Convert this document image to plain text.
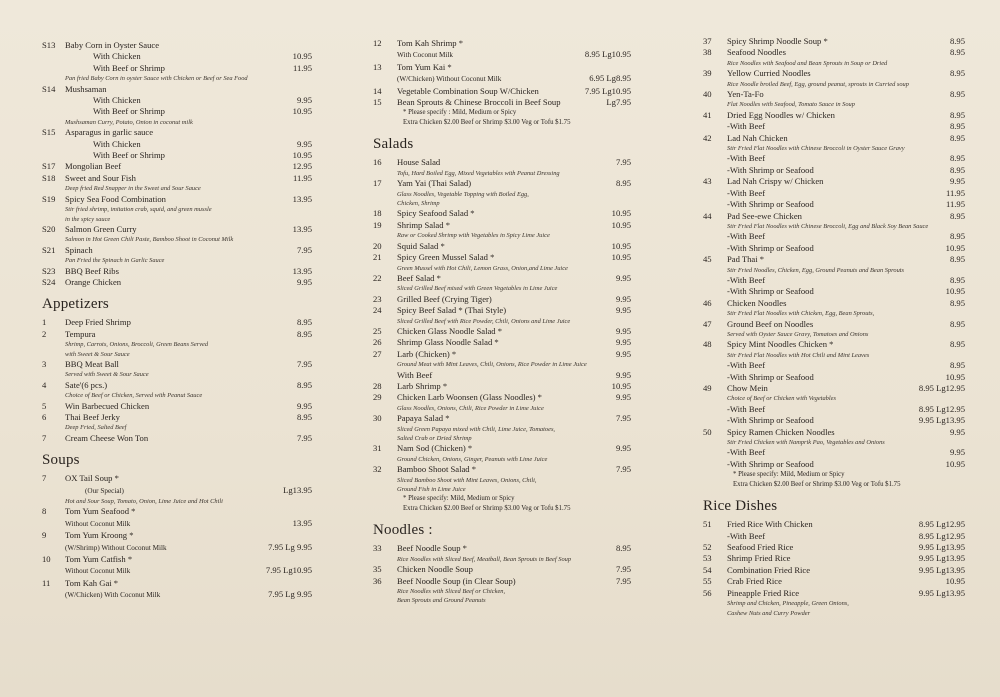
S13	Baby Corn in Oyster Sauce
With Chicken	10.95
With Beef or Shrimp	11.95
Pan fried Baby Corn in oyster Sauce with Chicken or Beef or Sea Food
S14	Mushsaman
With Chicken	9.95
With Beef or Shrimp	10.95
Mushsaman Curry, Potato, Onion in coconut milk
S15	Asparagus in garlic sauce
With Chicken	9.95
With Beef or Shrimp	10.95
S17	Mongolian Beef	12.95
S18	Sweet and Sour Fish	11.95
Deep fried Red Snapper in the Sweet and Sour Sauce
S19	Spicy Sea Food Combination	13.95
Stir fried shrimp, imitation crab, squid, and green mussle
in the spicy sauce
S20	Salmon Green Curry	13.95
Salmon in Hot Green Chili Paste, Bamboo Shoot in Coconut Milk
S21	Spinach	7.95
Pan Fried the Spinach in Garlic Sauce
S23	BBQ Beef Ribs	13.95
S24	Orange Chicken	9.95
Appetizers
1	Deep Fried Shrimp	8.95
2	Tempura	8.95
Shrimp, Carrots, Onions, Broccoli, Green Beans Served
with Sweet & Sour Sauce
3	BBQ Meat Ball	7.95
Served with Sweet & Sour Sauce
4	Sate'(6 pcs.)	8.95
Choice of Beef or Chicken, Served with Peanut Sauce
5	Win Barbecued Chicken	9.95
6	Thai Beef Jerky	8.95
Deep Fried, Salted Beef
7	Cream Cheese Won Ton	7.95
Soups
7	OX Tail Soup *
(Our Special)	Lg13.95
Hot and Sour Soup, Tomato, Onion, Lime Juice and Hot Chili
8	Tom Yum Seafood *
Without Coconut Milk	13.95
9	Tom Yum Kroong *
(W/Shrimp) Without Coconut Milk	7.95 Lg 9.95
10	Tom Yum Catfish *
Without Coconut Milk	7.95 Lg10.95
11	Tom Kah Gai *
(W/Chicken) With Coconut Milk	7.95 Lg 9.95
12	Tom Kah Shrimp *
With Coconut Milk	8.95 Lg10.95
13	Tom Yum Kai *
(W/Chicken) Without Coconut Milk	6.95 Lg8.95
14	Vegetable Combination Soup W/Chicken	7.95 Lg10.95
15	Bean Sprouts & Chinese Broccoli in Beef Soup	Lg7.95
* Please specify : Mild, Medium or Spicy
Extra Chicken $2.00 Beef or Shrimp $3.00 Veg or Tofu $1.75
Salads
16	House Salad	7.95
Tofu, Hard Boiled Egg, Mixed Vegetables with Peanut Dressing
17	Yam Yai (Thai Salad)	8.95
Glass Noodles, Vegetable Topping with Boiled Egg,
Chicken, Shrimp
18	Spicy Seafood Salad *	10.95
19	Shrimp Salad *	10.95
Raw or Cooked Shrimp with Vegetables in Spicy Lime Juice
20	Squid Salad *	10.95
21	Spicy Green Mussel Salad *	10.95
Green Mussel with Hot Chili, Lemon Grass, Onion,and Lime Juice
22	Beef Salad *	9.95
Sliced Grilled Beef mixed with Green Vegetables in Lime Juice
23	Grilled Beef (Crying Tiger)	9.95
24	Spicy Beef Salad * (Thai Style)	9.95
Sliced Grilled Beef with Rice Powder, Chili, Onions and Lime Juice
25	Chicken Glass Noodle Salad *	9.95
26	Shrimp Glass Noodle Salad *	9.95
27	Larb (Chicken) *	9.95
Ground Meat with Mint Leaves, Chili, Onions, Rice Powder in Lime Juice
With Beef	9.95
28	Larb Shrimp *	10.95
29	Chicken Larb Woonsen (Glass Noodles) *	9.95
Glass Noodles, Onions, Chili, Rice Powder in Lime Juice
30	Papaya Salad *	7.95
Sliced Green Papaya mixed with Chili, Lime Juice, Tomatoes,
Salted Crab or Dried Shrimp
31	Nam Sod (Chicken) *	9.95
Ground Chicken, Onions, Ginger, Peanuts with Lime Juice
32	Bamboo Shoot Salad *	7.95
Sliced Bamboo Shoot with Mint Leaves, Onions, Chili,
Ground Fish in Lime Juice
* Please specify: Mild, Medium or Spicy
Extra Chicken $2.00 Beef or Shrimp $3.00 Veg or Tofu $1.75
Noodles :
33	Beef Noodle Soup *	8.95
Rice Noodles with Sliced Beef, Meatball, Bean Sprouts in Beef Soup
35	Chicken Noodle Soup	7.95
36	Beef Noodle Soup (in Clear Soup)	7.95
Rice Noodles with Sliced Beef or Chicken,
Bean Sprouts and Ground Peanuts
37	Spicy Shrimp Noodle Soup *	8.95
38	Seafood Noodles	8.95
Rice Noodles with Seafood and Bean Sprouts in Soup or Dried
39	Yellow Curried Noodles	8.95
Rice Noodle broiled Beef, Egg, ground peanut, sprouts in Curried soup
40	Yen-Ta-Fo	8.95
Flat Noodles with Seafood, Tomato Sauce in Soup
41	Dried Egg Noodles w/ Chicken	8.95
-With Beef	8.95
42	Lad Nah Chicken	8.95
Stir Fried Flat Noodles with Chinese Broccoli in Oyster Sauce Gravy
-With Beef	8.95
-With Shrimp or Seafood	8.95
43	Lad Nah Crispy w/ Chicken	9.95
-With Beef	11.95
-With Shrimp or Seafood	11.95
44	Pad See-ewe Chicken	8.95
Stir Fried Flat Noodles with Chinese Broccoli, Egg and Black Soy Bean Sauce
-With Beef	8.95
-With Shrimp or Seafood	10.95
45	Pad Thai *	8.95
Stir Fried Noodles, Chicken, Egg, Ground Peanuts and Bean Sprouts
-With Beef	8.95
-With Shrimp or Seafood	10.95
46	Chicken Noodles	8.95
Stir Fried Flat Noodles with Chicken, Egg, Bean Sprouts,
47	Ground Beef on Noodles	8.95
Served with Oyster Sauce Gravy, Tomatoes and Onions
48	Spicy Mint Noodles Chicken *	8.95
Stir Fried Flat Noodles with Hot Chili and Mint Leaves
-With Beef	8.95
-With Shrimp or Seafood	10.95
49	Chow Mein	8.95 Lg12.95
Choice of Beef or Chicken with Vegetables
-With Beef	8.95 Lg12.95
-With Shrimp or Seafood	9.95 Lg13.95
50	Spicy Ramen Chicken Noodles	9.95
Stir Fried Chicken with Namprik Pao, Vegetables and Onions
-With Beef	9.95
-With Shrimp or Seafood	10.95
* Please specify: Mild, Medium or Spicy
Extra Chicken $2.00 Beef or Shrimp $3.00 Veg or Tofu $1.75
Rice Dishes
51	Fried Rice With Chicken	8.95 Lg12.95
-With Beef	8.95 Lg12.95
52	Seafood Fried Rice	9.95 Lg13.95
53	Shrimp Fried Rice	9.95 Lg13.95
54	Combination Fried Rice	9.95 Lg13.95
55	Crab Fried Rice	10.95
56	Pineapple Fried Rice	9.95 Lg13.95
Shrimp and Chicken, Pineapple, Green Onions,
Cashew Nuts and Curry Powder
